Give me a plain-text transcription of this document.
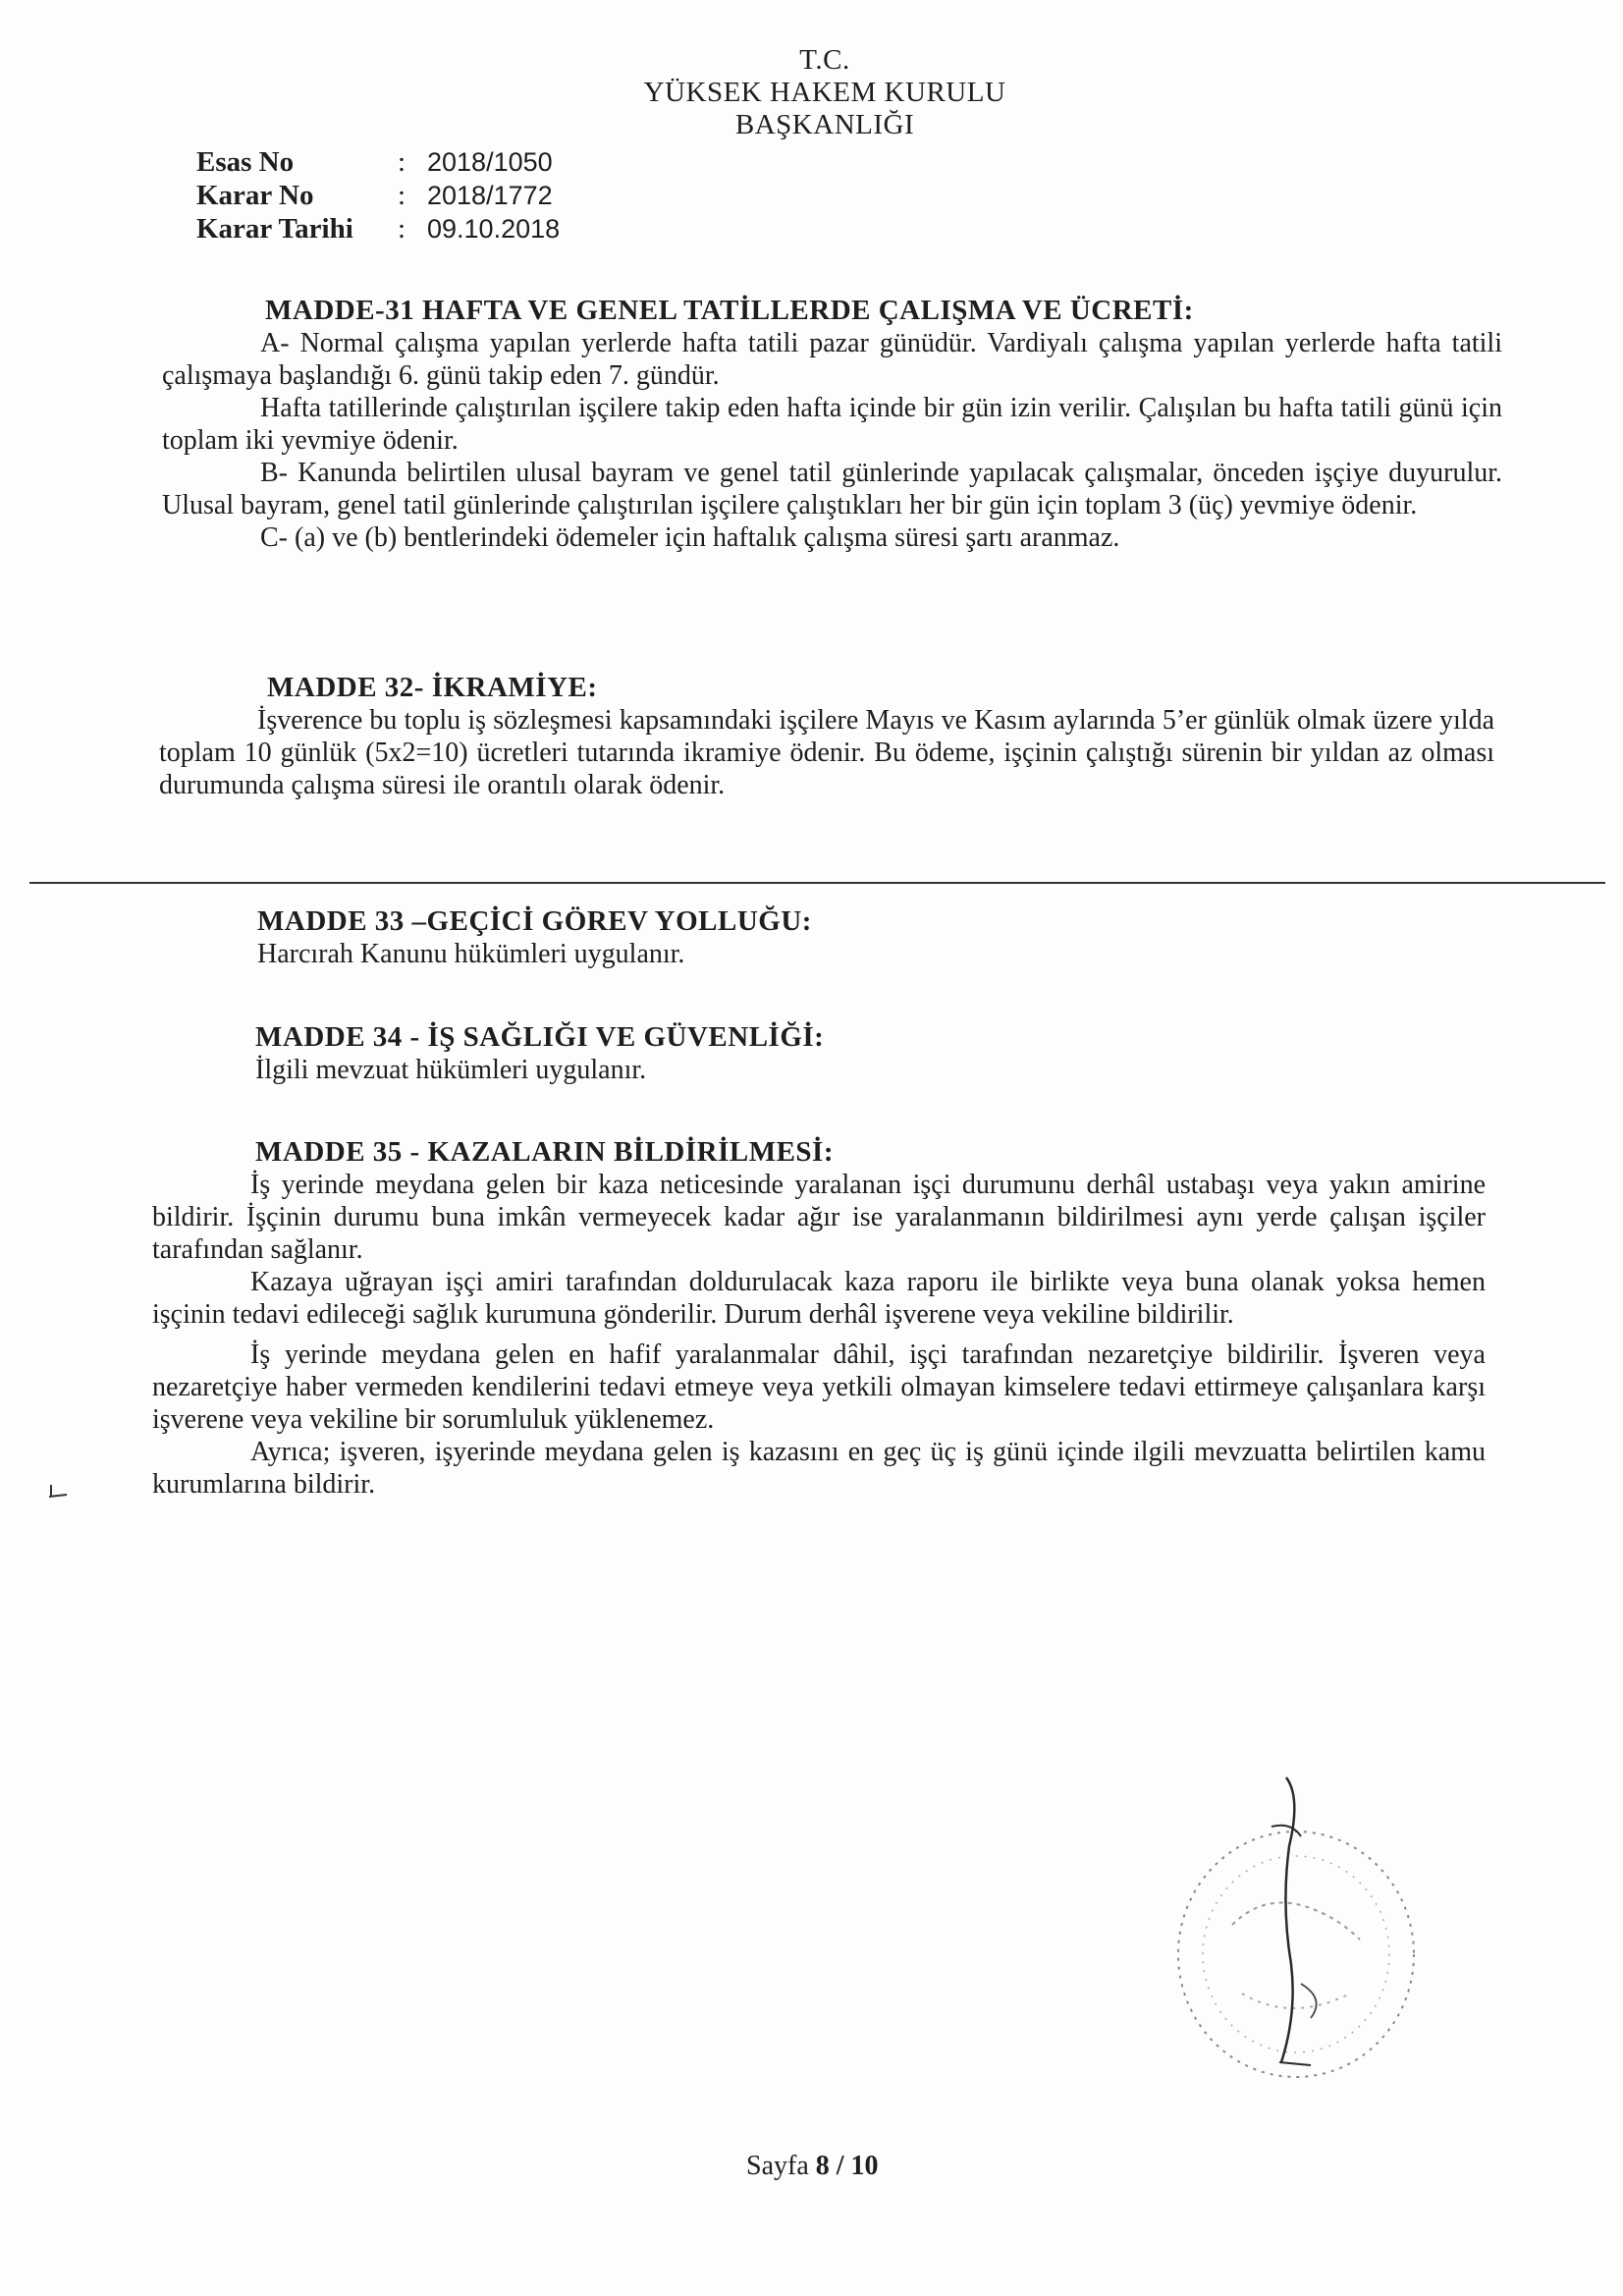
T.C.
YÜKSEK HAKEM KURULU
BAŞKANLIĞI
Esas No	: 2018/1050
Karar No	: 2018/1772
Karar Tarihi	: 09.10.2018
MADDE-31 HAFTA VE GENEL TATİLLERDE ÇALIŞMA VE ÜCRETİ:

A- Normal çalışma yapılan yerlerde hafta tatili pazar günüdür. Vardiyalı çalışma yapılan yerlerde hafta tatili çalışmaya başlandığı 6. günü takip eden 7. gündür.

Hafta tatillerinde çalıştırılan işçilere takip eden hafta içinde bir gün izin verilir. Çalışılan bu hafta tatili günü için toplam iki yevmiye ödenir.

B- Kanunda belirtilen ulusal bayram ve genel tatil günlerinde yapılacak çalışmalar, önceden işçiye duyurulur. Ulusal bayram, genel tatil günlerinde çalıştırılan işçilere çalıştıkları her bir gün için toplam 3 (üç) yevmiye ödenir.

C- (a) ve (b) bentlerindeki ödemeler için haftalık çalışma süresi şartı aranmaz.

MADDE 32- İKRAMİYE:

İşverence bu toplu iş sözleşmesi kapsamındaki işçilere Mayıs ve Kasım aylarında 5’er günlük olmak üzere yılda toplam 10 günlük (5x2=10) ücretleri tutarında ikramiye ödenir. Bu ödeme, işçinin çalıştığı sürenin bir yıldan az olması durumunda çalışma süresi ile orantılı olarak ödenir.

MADDE 33 –GEÇİCİ GÖREV YOLLUĞU:

Harcırah Kanunu hükümleri uygulanır.

MADDE 34 - İŞ SAĞLIĞI VE GÜVENLİĞİ:

İlgili mevzuat hükümleri uygulanır.

MADDE 35 - KAZALARIN BİLDİRİLMESİ:

İş yerinde meydana gelen bir kaza neticesinde yaralanan işçi durumunu derhâl ustabaşı veya yakın amirine bildirir. İşçinin durumu buna imkân vermeyecek kadar ağır ise yaralanmanın bildirilmesi aynı yerde çalışan işçiler tarafından sağlanır.

Kazaya uğrayan işçi amiri tarafından doldurulacak kaza raporu ile birlikte veya buna olanak yoksa hemen işçinin tedavi edileceği sağlık kurumuna gönderilir. Durum derhâl işverene veya vekiline bildirilir.

İş yerinde meydana gelen en hafif yaralanmalar dâhil, işçi tarafından nezaretçiye bildirilir. İşveren veya nezaretçiye haber vermeden kendilerini tedavi etmeye veya yetkili olmayan kimselere tedavi ettirmeye çalışanlara karşı işverene veya vekiline bir sorumluluk yüklenemez.

Ayrıca; işveren, işyerinde meydana gelen iş kazasını en geç üç iş günü içinde ilgili mevzuatta belirtilen kamu kurumlarına bildirir.

Sayfa 8 / 10
